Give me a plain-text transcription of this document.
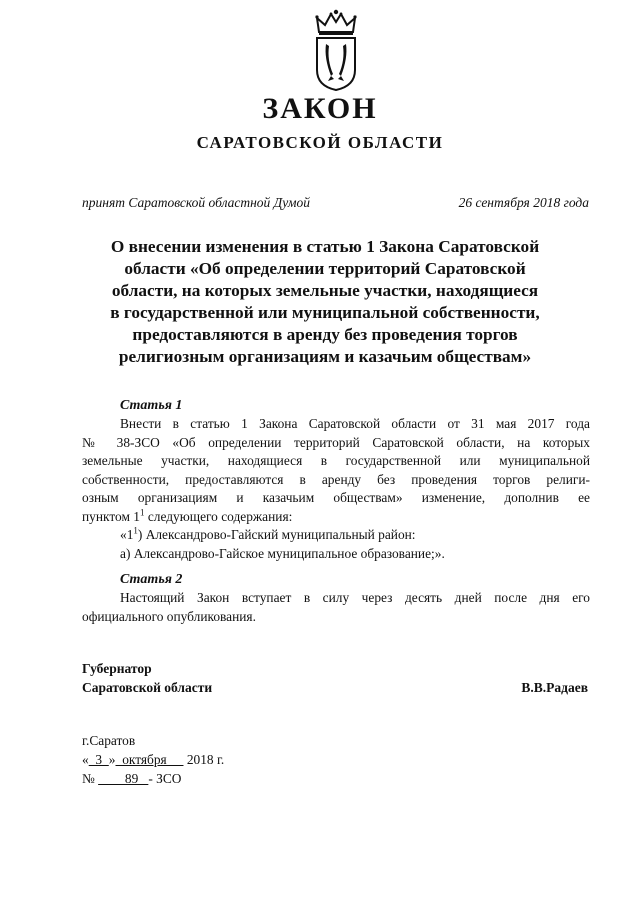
ЗАКОН
САРАТОВСКОЙ ОБЛАСТИ
принят Саратовской областной Думой	26 сентября 2018 года
О внесении изменения в статью 1 Закона Саратовской
области «Об определении территорий Саратовской
области, на которых земельные участки, находящиеся
в государственной или муниципальной собственности,
предоставляются в аренду без проведения торгов
религиозным организациям и казачьим обществам»
Статья 1
Внести в статью 1 Закона Саратовской области от 31 мая 2017 года
№ 38-ЗСО «Об определении территорий Саратовской области, на которых
земельные участки, находящиеся в государственной или муниципальной
собственности, предоставляются в аренду без проведения торгов религи-
озным организациям и казачьим обществам» изменение, дополнив ее
пунктом $1^1$ следующего содержания:
«$1^1$) Александрово-Гайский муниципальный район:
а) Александрово-Гайское муниципальное образование;».
Статья 2
Настоящий Закон вступает в силу через десять дней после дня его
официального опубликования.
Губернатор
Саратовской области	В.В.Радаев
г.Саратов
«  3  »  октября      2018 г.
№         89   - ЗСО
